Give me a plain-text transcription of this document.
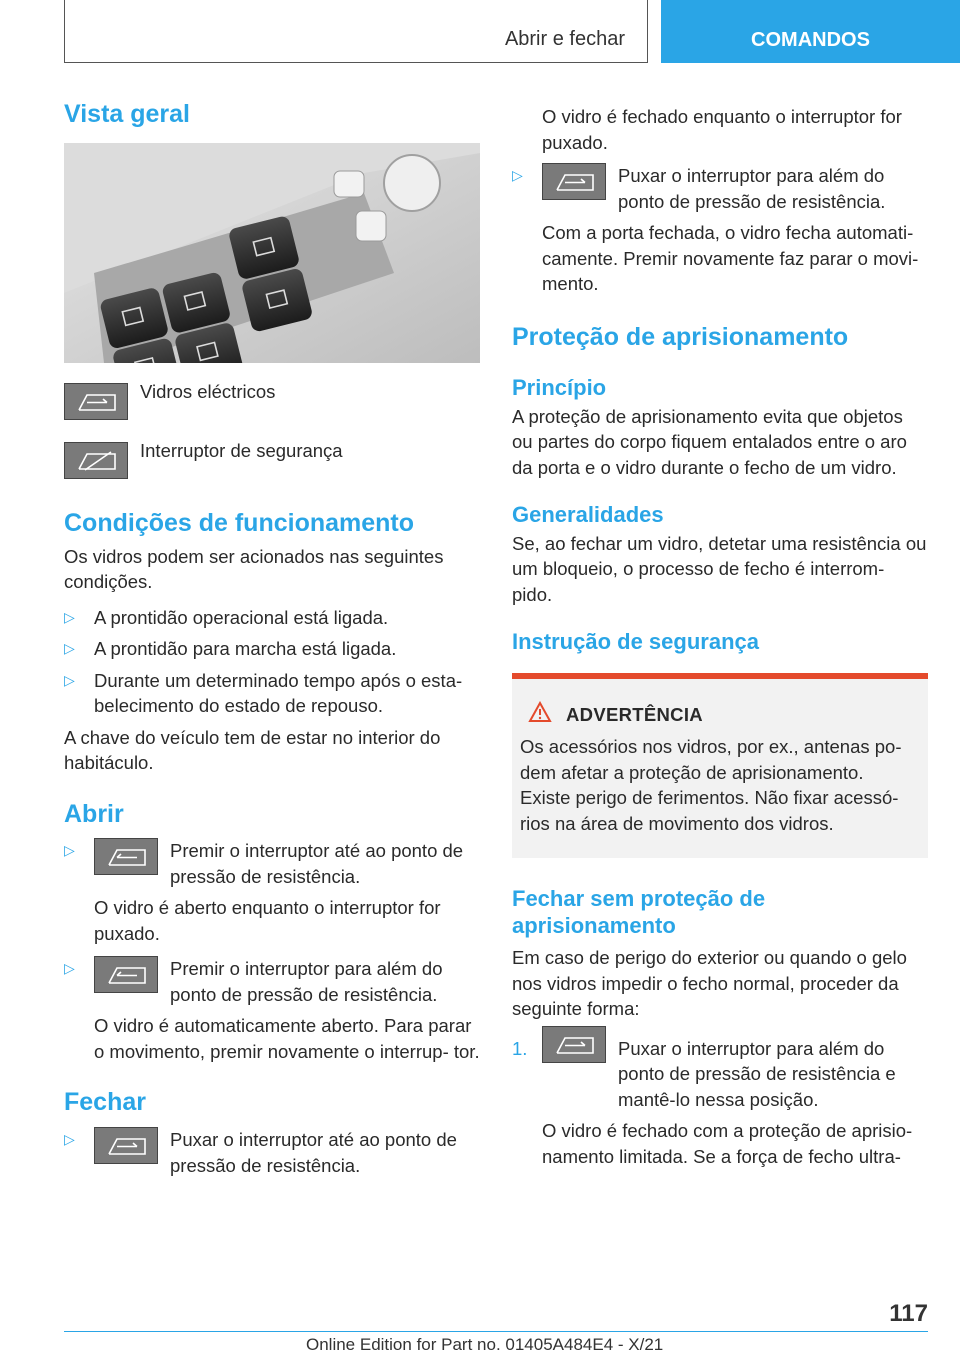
Abrir e fechar	COMANDOS
Vista geral
Vidros eléctricos
Interruptor de segurança
Condições de funcionamento

Os vidros podem ser acionados nas seguintes condições.

▷	A prontidão operacional está ligada.

▷	A prontidão para marcha está ligada.

▷	Durante um determinado tempo após o esta- belecimento do estado de repouso.

A chave do veículo tem de estar no interior do habitáculo.

Abrir
▷	Premir o interruptor até ao ponto de pressão de resistência.

O vidro é aberto enquanto o interruptor for puxado.

▷	Premir o interruptor para além do ponto de pressão de resistência.

O vidro é automaticamente aberto. Para parar o movimento, premir novamente o interrup- tor.

Fechar
▷	Puxar o interruptor até ao ponto de pressão de resistência.

O vidro é fechado enquanto o interruptor for puxado.

▷	Puxar o interruptor para além do ponto de pressão de resistência.

Com a porta fechada, o vidro fecha automati- camente. Premir novamente faz parar o movi- mento.

Proteção de aprisionamento
Princípio

A proteção de aprisionamento evita que objetos ou partes do corpo fiquem entalados entre o aro da porta e o vidro durante o fecho de um vidro.

Generalidades

Se, ao fechar um vidro, detetar uma resistência ou um bloqueio, o processo de fecho é interrom- pido.

Instrução de segurança
ADVERTÊNCIA

Os acessórios nos vidros, por ex., antenas po- dem afetar a proteção de aprisionamento. Existe perigo de ferimentos. Não fixar acessó- rios na área de movimento dos vidros.

Fechar sem proteção de aprisionamento

Em caso de perigo do exterior ou quando o gelo nos vidros impedir o fecho normal, proceder da seguinte forma:

1.	Puxar o interruptor para além do ponto de pressão de resistência e mantê-lo nessa posição.

O vidro é fechado com a proteção de aprisio- namento limitada. Se a força de fecho ultra-

117
Online Edition for Part no. 01405A484E4 - X/21
